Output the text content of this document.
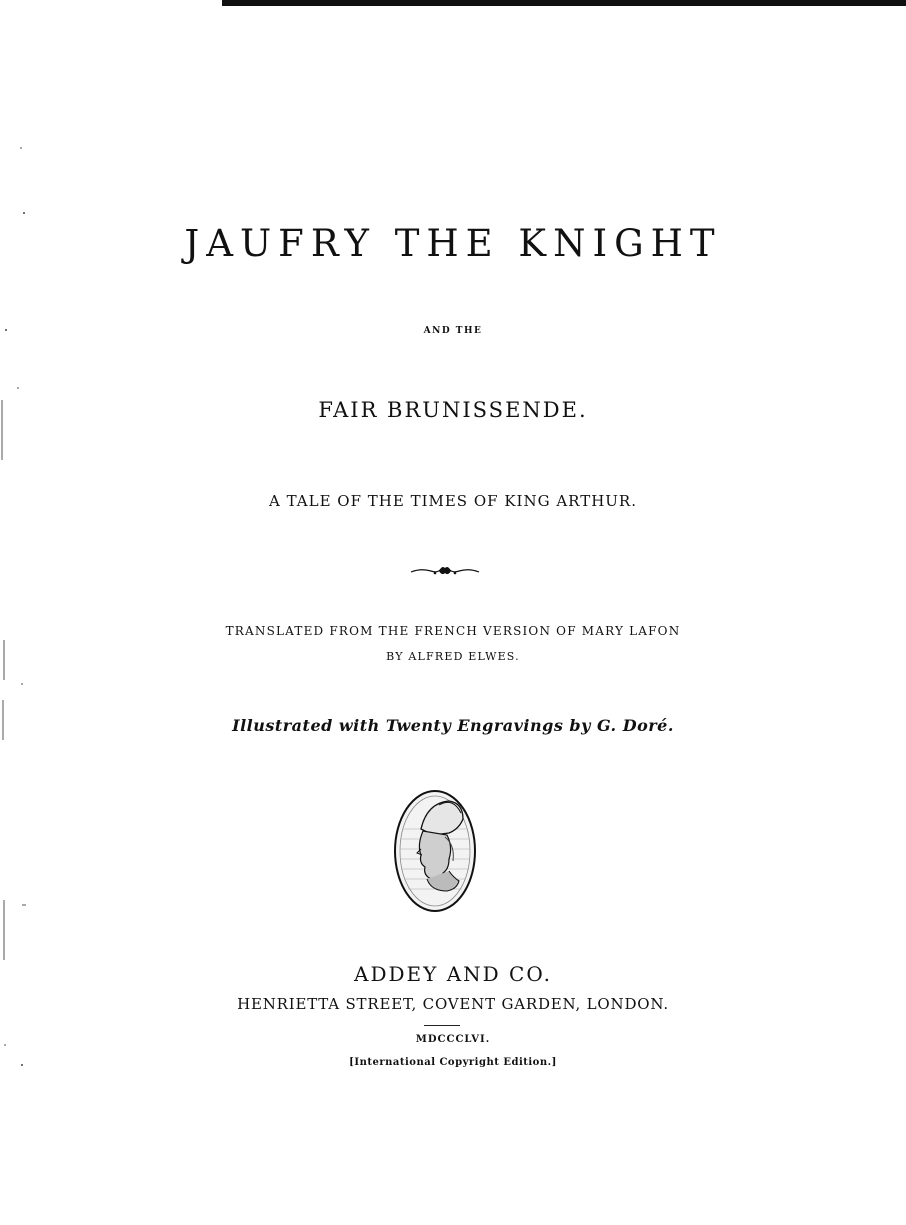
JAUFRY THE KNIGHT
AND THE
FAIR BRUNISSENDE.
A TALE OF THE TIMES OF KING ARTHUR.
TRANSLATED FROM THE FRENCH VERSION OF MARY LAFON
BY ALFRED ELWES.
Illustrated with Twenty Engravings by G. Doré.
ADDEY AND CO.
HENRIETTA STREET, COVENT GARDEN, LONDON.
MDCCCLVI.
[International Copyright Edition.]
